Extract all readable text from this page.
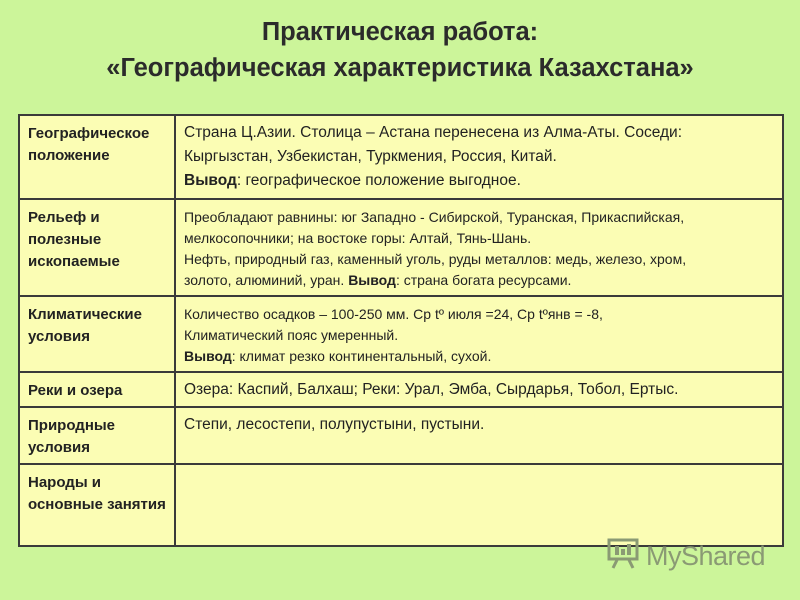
Практическая работа:
«Географическая характеристика Казахстана»
Географическое положение	Страна Ц.Азии. Столица – Астана перенесена из Алма-Аты. Соседи:
Кыргызстан, Узбекистан, Туркмения, Россия, Китай.
Вывод: географическое положение выгодное.

Рельеф и полезные ископаемые	Преобладают равнины: юг Западно - Сибирской, Туранская, Прикаспийская,
мелкосопочники; на востоке горы: Алтай, Тянь-Шань.
Нефть, природный газ, каменный уголь, руды металлов: медь, железо, хром,
золото, алюминий, уран. Вывод: страна богата ресурсами.

Климатические условия	Количество осадков – 100-250 мм. Ср tº июля =24, Ср tºянв = -8,
Климатический пояс умеренный.
Вывод: климат резко континентальный, сухой.

Реки и озера	Озера: Каспий, Балхаш; Реки: Урал, Эмба, Сырдарья, Тобол, Ертыс.

Природные условия	Степи, лесостепи, полупустыни, пустыни.

Народы и основные занятия	
MyShared
